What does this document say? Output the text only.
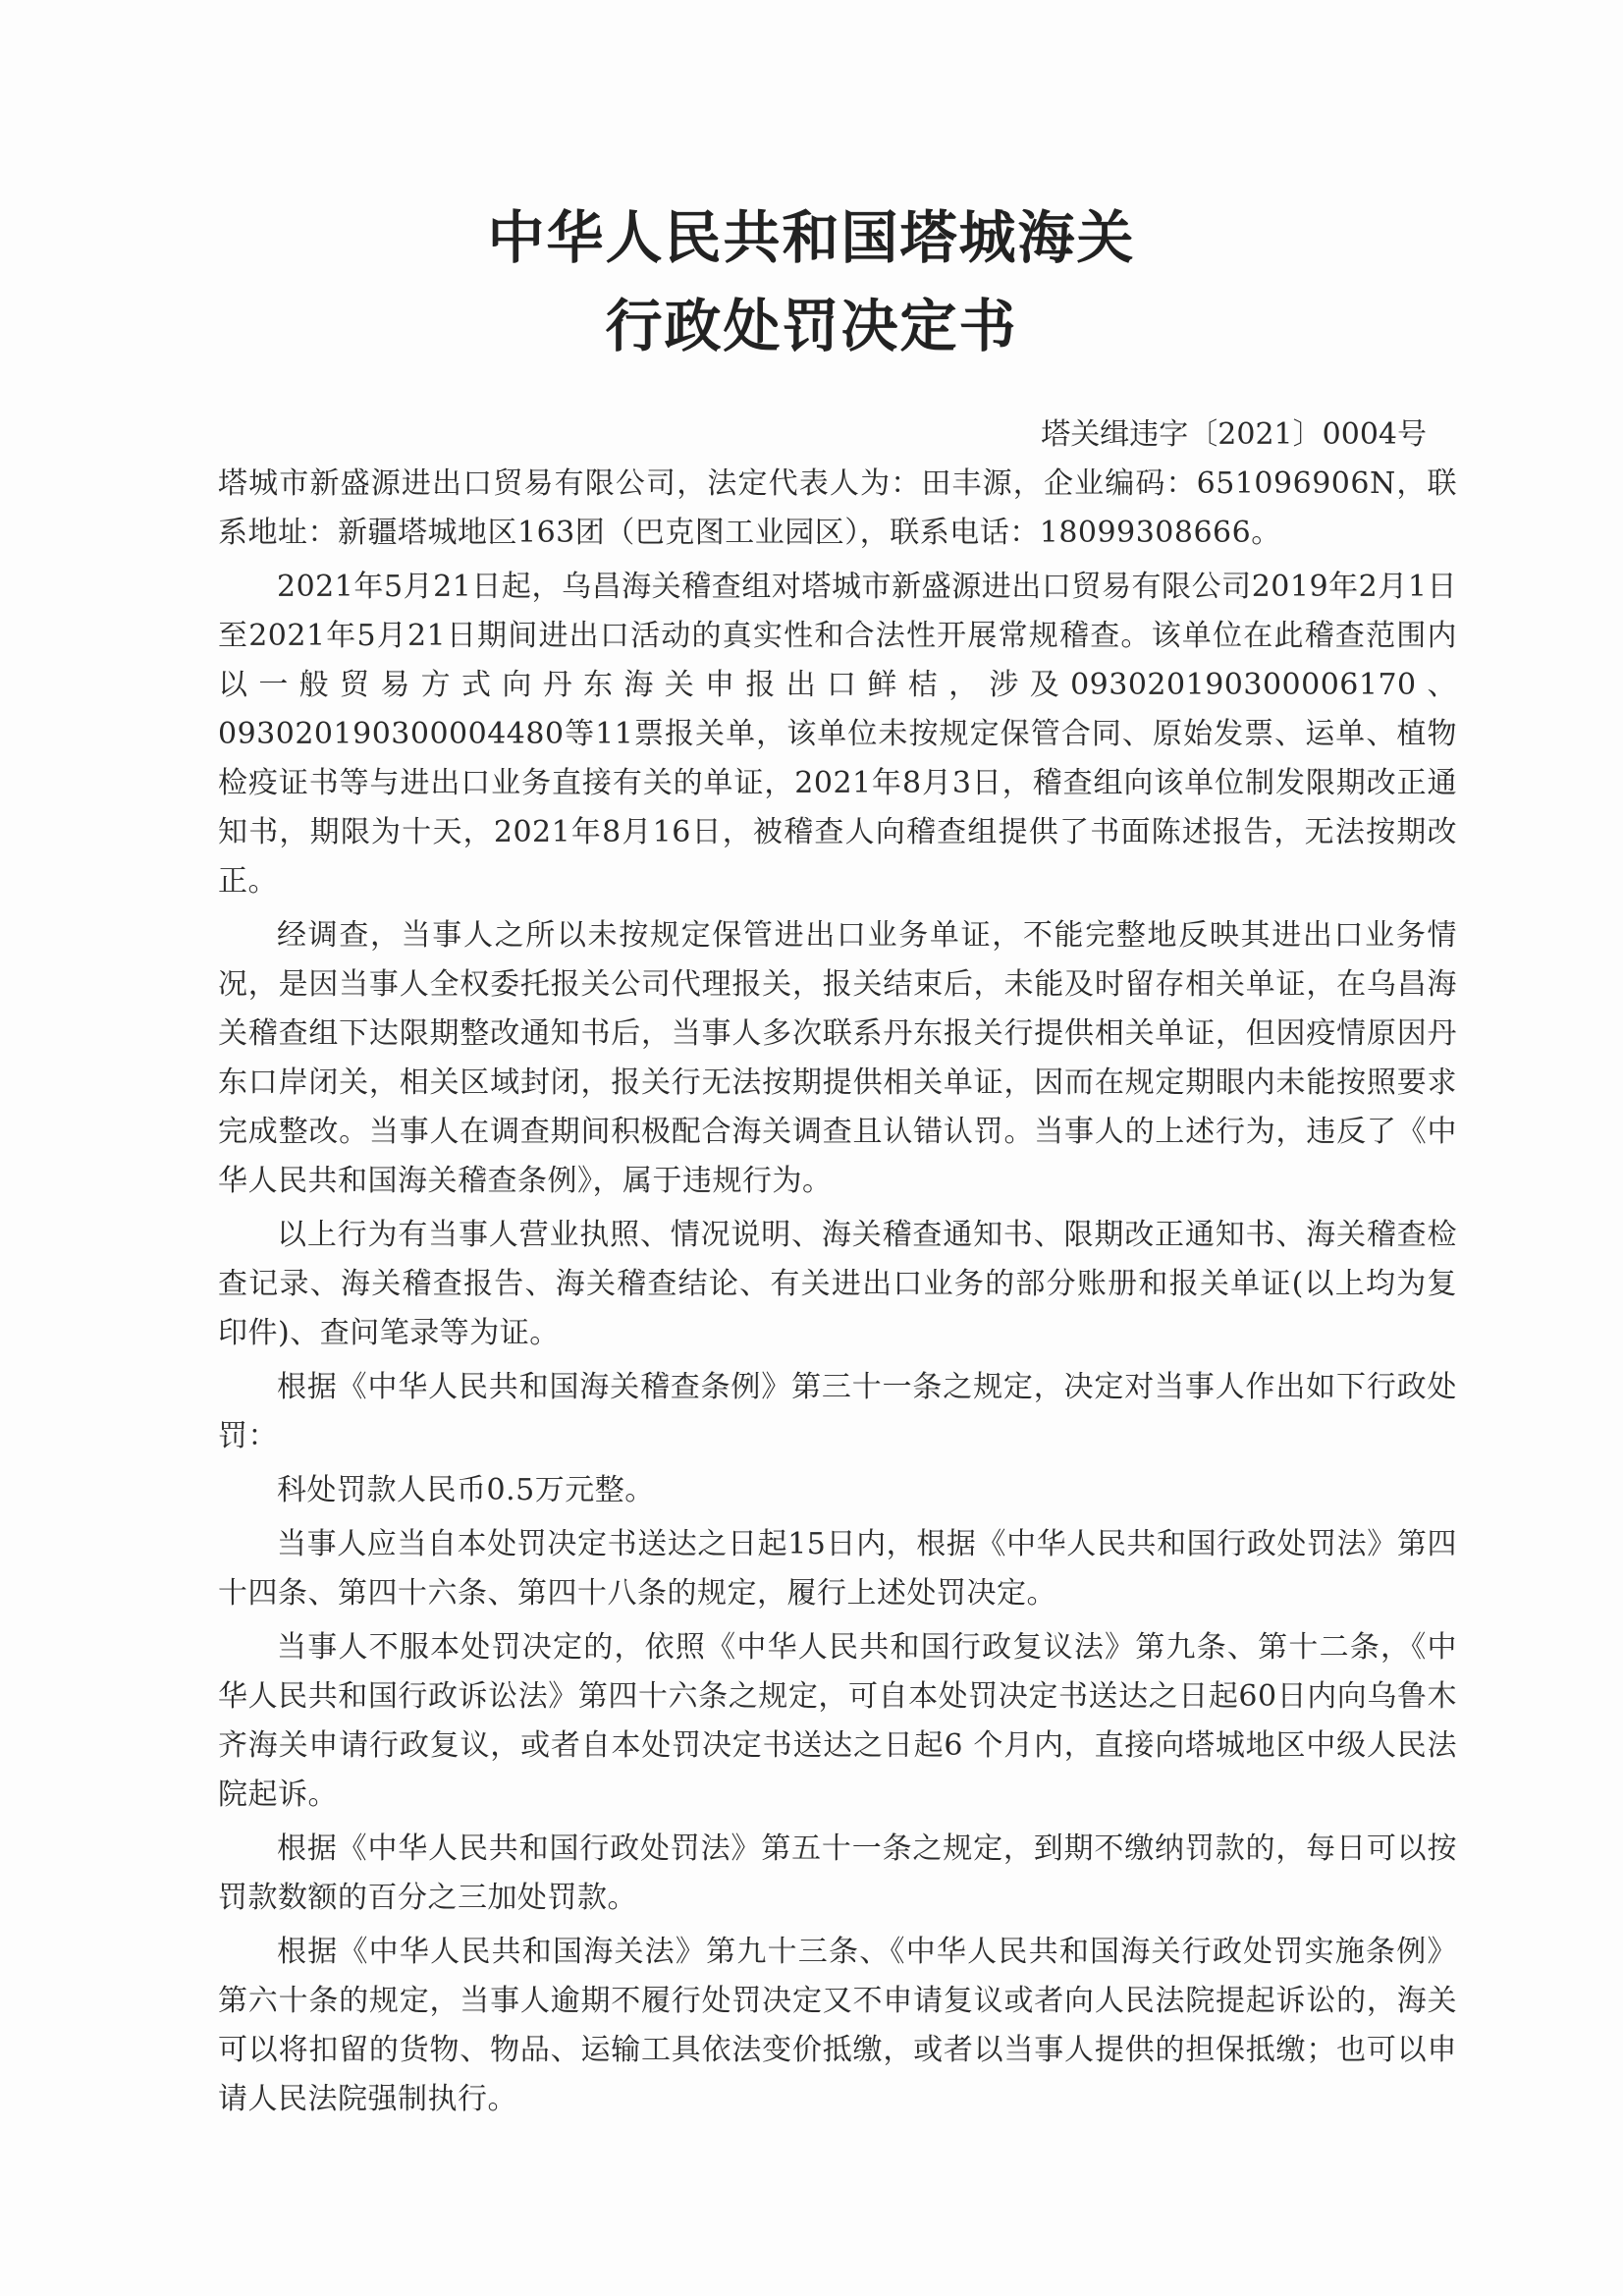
中华人民共和国塔城海关
行政处罚决定书
塔关缉违字〔2021〕0004号

塔城市新盛源进出口贸易有限公司，法定代表人为：田丰源，企业编码：651096906N，联系地址：新疆塔城地区163团（巴克图工业园区），联系电话：18099308666。

2021年5月21日起，乌昌海关稽查组对塔城市新盛源进出口贸易有限公司2019年2月1日至2021年5月21日期间进出口活动的真实性和合法性开展常规稽查。该单位在此稽查范围内以一般贸易方式向丹东海关申报出口鲜桔，涉及093020190300006170、093020190300004480等11票报关单，该单位未按规定保管合同、原始发票、运单、植物检疫证书等与进出口业务直接有关的单证，2021年8月3日，稽查组向该单位制发限期改正通知书，期限为十天，2021年8月16日，被稽查人向稽查组提供了书面陈述报告，无法按期改正。

经调查，当事人之所以未按规定保管进出口业务单证，不能完整地反映其进出口业务情况，是因当事人全权委托报关公司代理报关，报关结束后，未能及时留存相关单证，在乌昌海关稽查组下达限期整改通知书后，当事人多次联系丹东报关行提供相关单证，但因疫情原因丹东口岸闭关，相关区域封闭，报关行无法按期提供相关单证，因而在规定期眼内未能按照要求完成整改。当事人在调查期间积极配合海关调查且认错认罚。当事人的上述行为，违反了《中华人民共和国海关稽查条例》，属于违规行为。

以上行为有当事人营业执照、情况说明、海关稽查通知书、限期改正通知书、海关稽查检查记录、海关稽查报告、海关稽查结论、有关进出口业务的部分账册和报关单证(以上均为复印件)、查问笔录等为证。

根据《中华人民共和国海关稽查条例》第三十一条之规定，决定对当事人作出如下行政处罚：

科处罚款人民币0.5万元整。

当事人应当自本处罚决定书送达之日起15日内，根据《中华人民共和国行政处罚法》第四十四条、第四十六条、第四十八条的规定，履行上述处罚决定。

当事人不服本处罚决定的，依照《中华人民共和国行政复议法》第九条、第十二条，《中华人民共和国行政诉讼法》第四十六条之规定，可自本处罚决定书送达之日起60日内向乌鲁木齐海关申请行政复议，或者自本处罚决定书送达之日起6 个月内，直接向塔城地区中级人民法院起诉。

根据《中华人民共和国行政处罚法》第五十一条之规定，到期不缴纳罚款的，每日可以按罚款数额的百分之三加处罚款。

根据《中华人民共和国海关法》第九十三条、《中华人民共和国海关行政处罚实施条例》第六十条的规定，当事人逾期不履行处罚决定又不申请复议或者向人民法院提起诉讼的，海关可以将扣留的货物、物品、运输工具依法变价抵缴，或者以当事人提供的担保抵缴；也可以申请人民法院强制执行。
